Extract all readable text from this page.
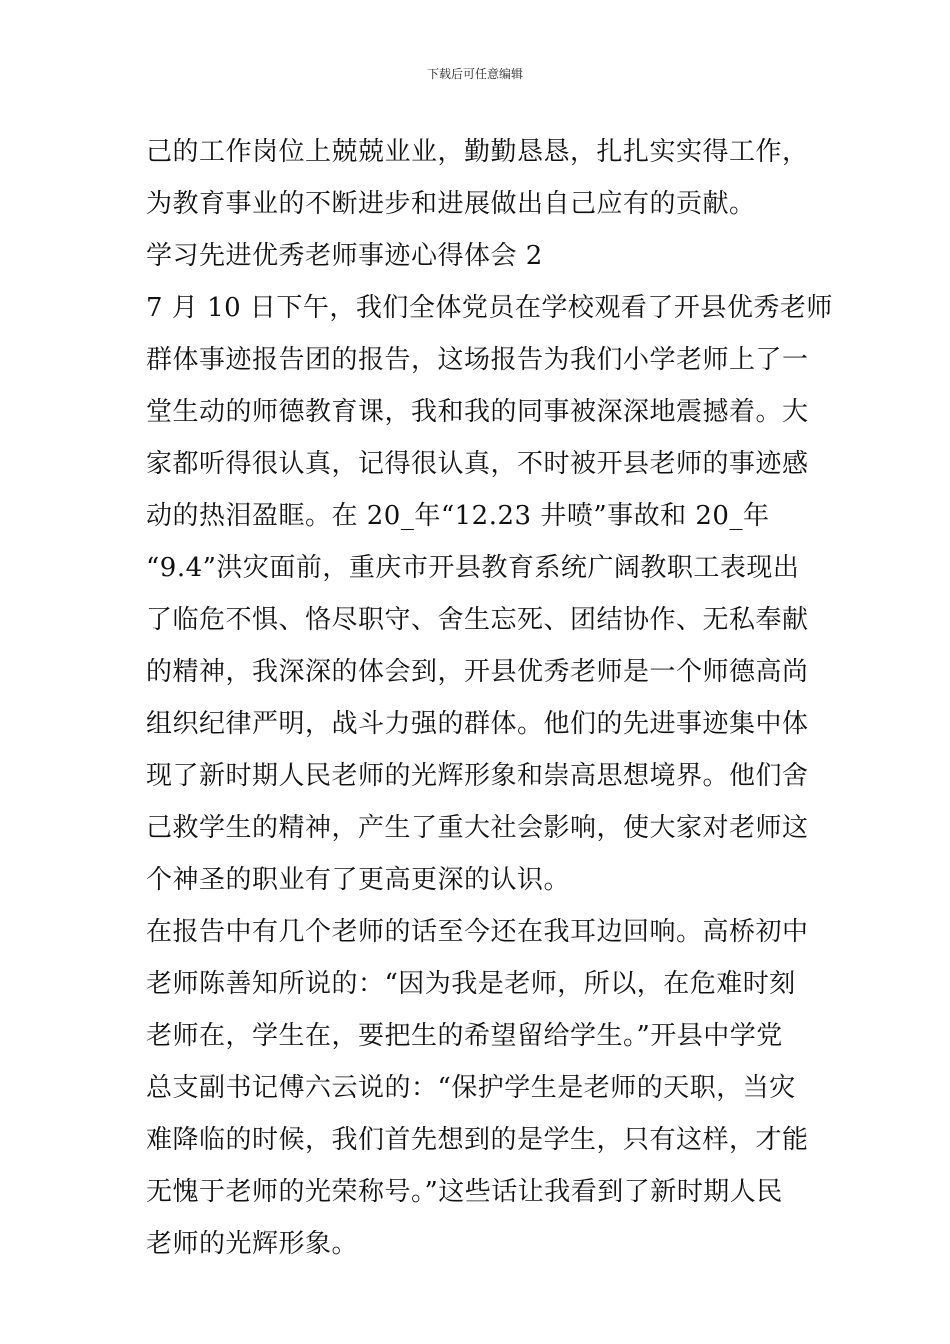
下载后可任意编辑
己的工作岗位上兢兢业业，勤勤恳恳，扎扎实实得工作，
为教育事业的不断进步和进展做出自己应有的贡献。
学习先进优秀老师事迹心得体会 2
7 月 10 日下午，我们全体党员在学校观看了开县优秀老师
群体事迹报告团的报告，这场报告为我们小学老师上了一
堂生动的师德教育课，我和我的同事被深深地震撼着。大
家都听得很认真，记得很认真，不时被开县老师的事迹感
动的热泪盈眶。在 20_年“12.23 井喷”事故和 20_年
“9.4”洪灾面前，重庆市开县教育系统广阔教职工表现出
了临危不惧、恪尽职守、舍生忘死、团结协作、无私奉献
的精神，我深深的体会到，开县优秀老师是一个师德高尚
组织纪律严明，战斗力强的群体。他们的先进事迹集中体
现了新时期人民老师的光辉形象和崇高思想境界。他们舍
己救学生的精神，产生了重大社会影响，使大家对老师这
个神圣的职业有了更高更深的认识。
在报告中有几个老师的话至今还在我耳边回响。高桥初中
老师陈善知所说的：“因为我是老师，所以，在危难时刻
老师在，学生在，要把生的希望留给学生。”开县中学党
总支副书记傅六云说的：“保护学生是老师的天职，当灾
难降临的时候，我们首先想到的是学生，只有这样，才能
无愧于老师的光荣称号。”这些话让我看到了新时期人民
老师的光辉形象。
